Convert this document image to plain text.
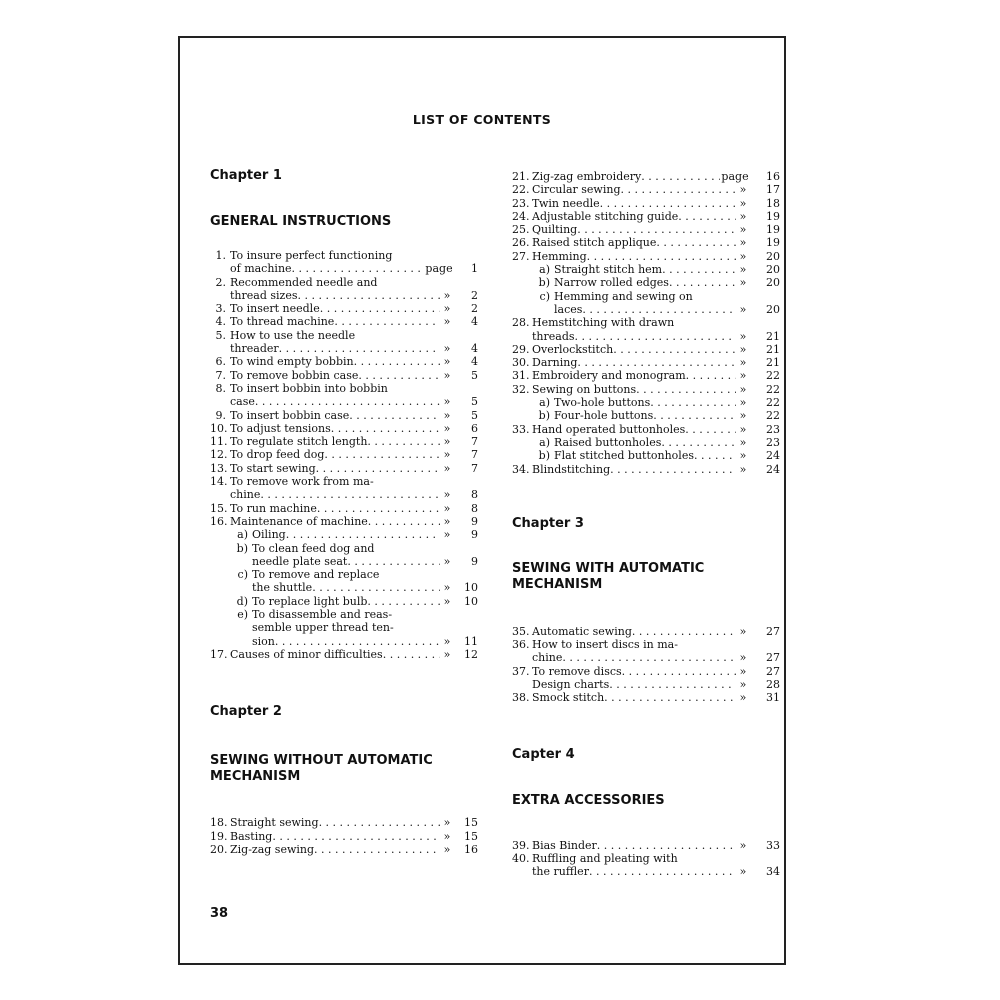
LIST OF CONTENTS

Chapter 1

GENERAL INSTRUCTIONS

1. To insure perfect functioning
of machine . . .	page	1
2. Recommended needle and
thread sizes . . .	»	2
3. To insert needle . . .	»	2
4. To thread machine . . .	»	4
5. How to use the needle
threader . . .	»	4
6. To wind empty bobbin . . .	»	4
7. To remove bobbin case . . .	»	5
8. To insert bobbin into bobbin
case . . .	»	5
9. To insert bobbin case . . .	»	5
10. To adjust tensions . . .	»	6
11. To regulate stitch length . . .	»	7
12. To drop feed dog . . .	»	7
13. To start sewing . . .	»	7
14. To remove work from ma-
chine . . .	»	8
15. To run machine . . .	»	8
16. Maintenance of machine . . .	»	9
a) Oiling . . .	»	9
b) To clean feed dog and
needle plate seat . . .	»	9
c) To remove and replace
the shuttle . . .	»	10
d) To replace light bulb . . .	»	10
e) To disassemble and reas-
semble upper thread ten-
sion . . .	»	11
17. Causes of minor difficulties . . .	»	12

Chapter 2

SEWING WITHOUT AUTOMATIC

MECHANISM

18. Straight sewing . . .	»	15
19. Basting . . .	»	15
20. Zig-zag sewing . . .	»	16
21. Zig-zag embroidery . . .	page	16
22. Circular sewing . . .	»	17
23. Twin needle . . .	»	18
24. Adjustable stitching guide . . .	»	19
25. Quilting . . .	»	19
26. Raised stitch applique . . .	»	19
27. Hemming . . .	»	20
a) Straight stitch hem . . .	»	20
b) Narrow rolled edges . . .	»	20
c) Hemming and sewing on
laces . . .	»	20
28. Hemstitching with drawn
threads . . .	»	21
29. Overlockstitch . . .	»	21
30. Darning . . .	»	21
31. Embroidery and monogram . . .	»	22
32. Sewing on buttons . . .	»	22
a) Two-hole buttons . . .	»	22
b) Four-hole buttons . . .	»	22
33. Hand operated buttonholes . . .	»	23
a) Raised buttonholes . . .	»	23
b) Flat stitched buttonholes . . .	»	24
34. Blindstitching . . .	»	24

Chapter 3

SEWING WITH AUTOMATIC

MECHANISM

35. Automatic sewing . . .	»	27
36. How to insert discs in ma-
chine . . .	»	27
37. To remove discs . . .	»	27
Design charts . . .	»	28
38. Smock stitch . . .	»	31

Capter 4

EXTRA ACCESSORIES

39. Bias Binder . . .	»	33
40. Ruffling and pleating with
the ruffler . . .	»	34
38
